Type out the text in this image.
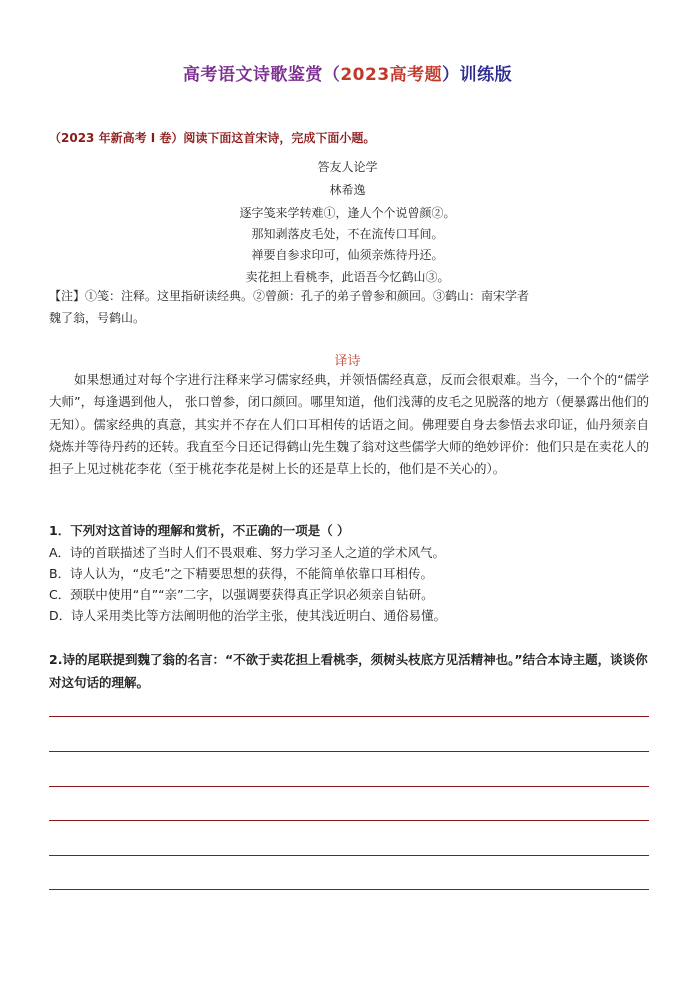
高考语文诗歌鉴赏（2023高考题）训练版
（2023 年新高考 Ⅰ 卷）阅读下面这首宋诗，完成下面小题。
答友人论学
林希逸
逐字笺来学转难①，逢人个个说曾颜②。
那知剥落皮毛处，不在流传口耳间。
禅要自参求印可，仙须亲炼待丹还。
卖花担上看桃李，此语吾今忆鹤山③。
【注】①笺：注释。这里指研读经典。②曾颜：孔子的弟子曾参和颜回。③鹤山：南宋学者
魏了翁，号鹤山。
译诗
如果想通过对每个字进行注释来学习儒家经典，并领悟儒经真意，反而会很艰难。当今，一个个的“儒学大师”，每逢遇到他人， 张口曾参，闭口颜回。哪里知道，他们浅薄的皮毛之见脱落的地方（便暴露出他们的无知）。儒家经典的真意，其实并不存在人们口耳相传的话语之间。佛理要自身去参悟去求印证，仙丹须亲自烧炼并等待丹药的还转。我直至今日还记得鹤山先生魏了翁对这些儒学大师的绝妙评价：他们只是在卖花人的担子上见过桃花李花（至于桃花李花是树上长的还是草上长的，他们是不关心的）。
1．下列对这首诗的理解和赏析，不正确的一项是（ ）
A．诗的首联描述了当时人们不畏艰难、努力学习圣人之道的学术风气。
B．诗人认为，“皮毛”之下精要思想的获得，不能简单依靠口耳相传。
C．颈联中使用“自”“亲”二字，以强调要获得真正学识必须亲自钻研。
D．诗人采用类比等方法阐明他的治学主张，使其浅近明白、通俗易懂。
2.诗的尾联提到魏了翁的名言：“不欲于卖花担上看桃李，须树头枝底方见活精神也。”结合本诗主题，谈谈你对这句话的理解。
